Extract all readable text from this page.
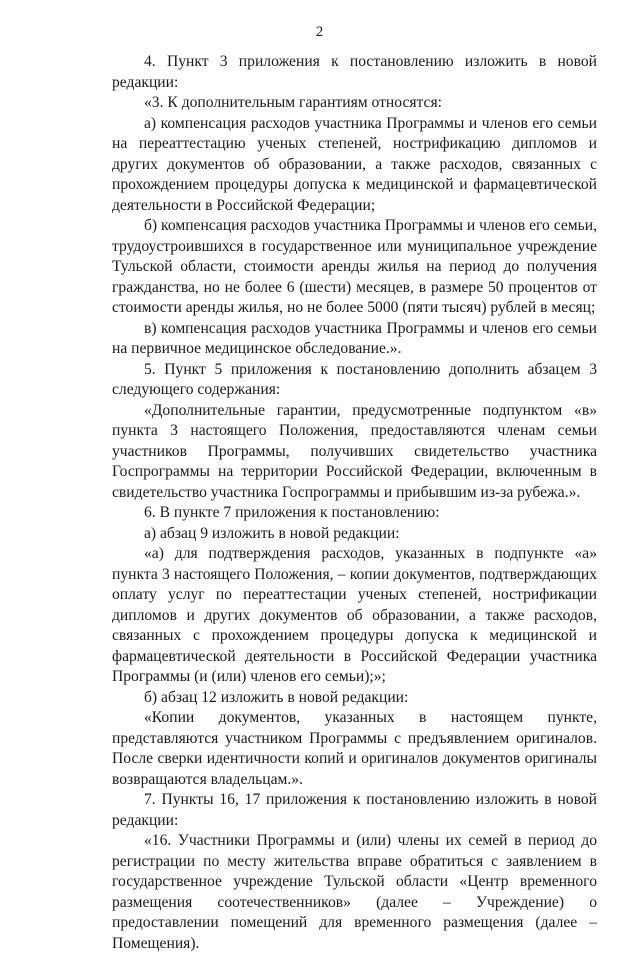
2

4. Пункт 3 приложения к постановлению изложить в новой редакции:

«3. К дополнительным гарантиям относятся:

а) компенсация расходов участника Программы и членов его семьи на переаттестацию ученых степеней, нострификацию дипломов и других документов об образовании, а также расходов, связанных с прохождением процедуры допуска к медицинской и фармацевтической деятельности в Российской Федерации;

б) компенсация расходов участника Программы и членов его семьи, трудоустроившихся в государственное или муниципальное учреждение Тульской области, стоимости аренды жилья на период до получения гражданства, но не более 6 (шести) месяцев, в размере 50 процентов от стоимости аренды жилья, но не более 5000 (пяти тысяч) рублей в месяц;

в) компенсация расходов участника Программы и членов его семьи на первичное медицинское обследование.».

5. Пункт 5 приложения к постановлению дополнить абзацем 3 следующего содержания:

«Дополнительные гарантии, предусмотренные подпунктом «в» пункта 3 настоящего Положения, предоставляются членам семьи участников Программы, получивших свидетельство участника Госпрограммы на территории Российской Федерации, включенным в свидетельство участника Госпрограммы и прибывшим из-за рубежа.».

6. В пункте 7 приложения к постановлению:

а) абзац 9 изложить в новой редакции:

«а) для подтверждения расходов, указанных в подпункте «а» пункта 3 настоящего Положения, – копии документов, подтверждающих оплату услуг по переаттестации ученых степеней, нострификации дипломов и других документов об образовании, а также расходов, связанных с прохождением процедуры допуска к медицинской и фармацевтической деятельности в Российской Федерации участника Программы (и (или) членов его семьи);»;

б) абзац 12 изложить в новой редакции:

«Копии документов, указанных в настоящем пункте, представляются участником Программы с предъявлением оригиналов. После сверки идентичности копий и оригиналов документов оригиналы возвращаются владельцам.».

7. Пункты 16, 17 приложения к постановлению изложить в новой редакции:

«16. Участники Программы и (или) члены их семей в период до регистрации по месту жительства вправе обратиться с заявлением в государственное учреждение Тульской области «Центр временного размещения соотечественников» (далее – Учреждение) о предоставлении помещений для временного размещения (далее – Помещения).
